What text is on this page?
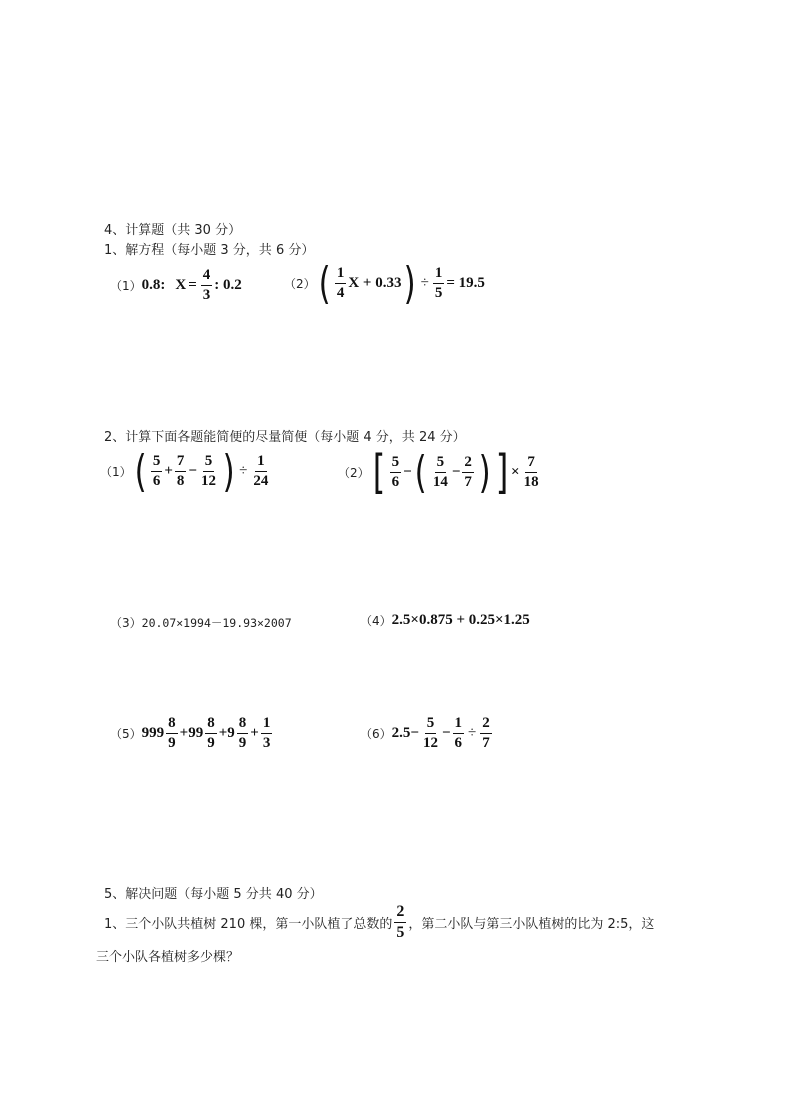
4、计算题（共 30 分）
1、解方程（每小题 3 分，共 6 分）
（1） 0.8: $X = \frac{4}{3}$ : 0.2	（2） ( $\frac{1}{4}$ X + 0.33 ) ÷ $\frac{1}{5} = 19.5$
2、计算下面各题能简便的尽量简便（每小题 4 分，共 24 分）
（1） ( $\frac{5}{6} + \frac{7}{8} - \frac{5}{12}$ ) ÷ $\frac{1}{24}$	（2） [ $\frac{5}{6}$ − ( $\frac{5}{14} - \frac{2}{7}$ ) ] × $\frac{7}{18}$
（3） 20.07×1994－19.93×2007	（4） 2.5×0.875 + 0.25×1.25
（5） $999 \frac{8}{9} + 99 \frac{8}{9} + 9 \frac{8}{9} + \frac{1}{3}$	（6） $2.5 - \frac{5}{12} - \frac{1}{6} \div \frac{2}{7}$
5、解决问题（每小题 5 分共 40 分）
1、三个小队共植树 210 棵，第一小队植了总数的 $\frac{2}{5}$ ，第二小队与第三小队植树的比为 2:5，这
三个小队各植树多少棵？
